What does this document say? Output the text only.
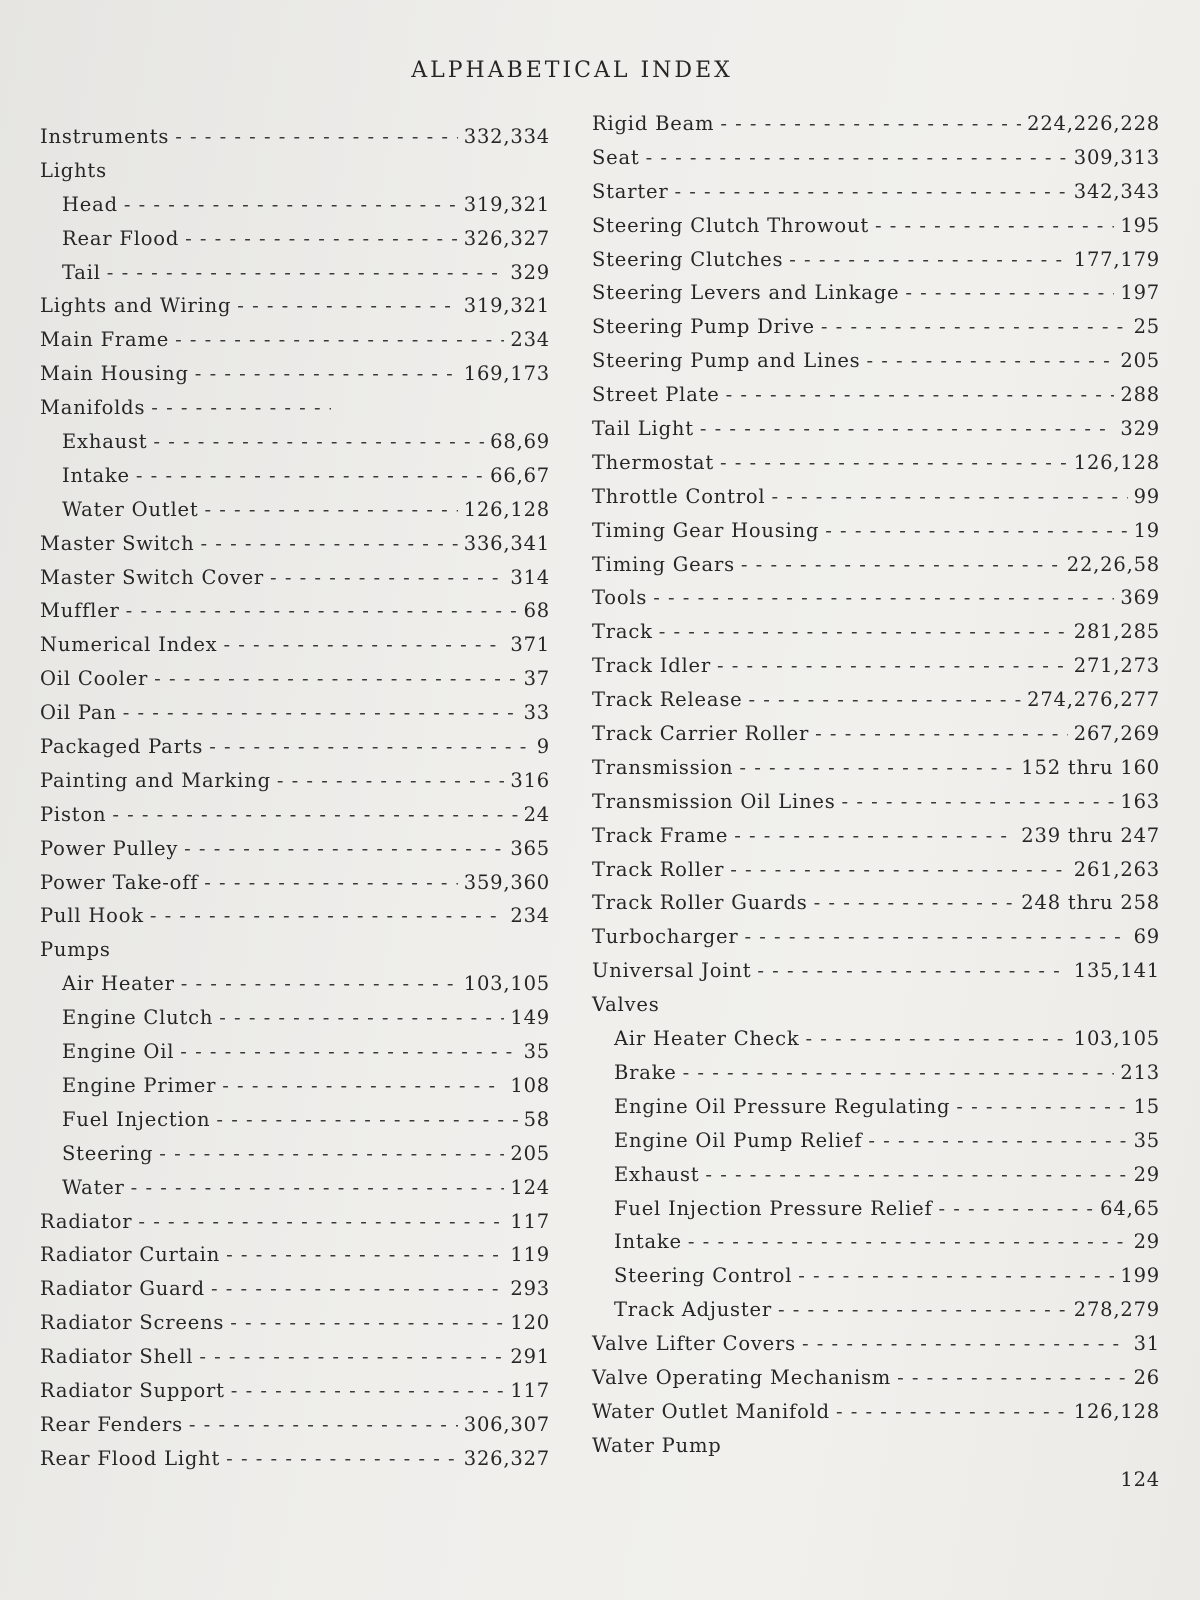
ALPHABETICAL INDEX
Instruments - - -	332,334
Lights
Head - - -	319,321
Rear Flood - - -	326,327
Tail - - -	329
Lights and Wiring - - -	319,321
Main Frame - - -	234
Main Housing - - -	169,173
Manifolds
- - -
Exhaust - - -	68,69
Intake - - -	66,67
Water Outlet - - -	126,128
Master Switch - - -	336,341
Master Switch Cover - - -	314
Muffler - - -	68
Numerical Index - - -	371
Oil Cooler - - -	37
Oil Pan - - -	33
Packaged Parts - - -	9
Painting and Marking - - -	316
Piston - - -	24
Power Pulley - - -	365
Power Take-off - - -	359,360
Pull Hook - - -	234
Pumps
Air Heater - - -	103,105
Engine Clutch - - -	149
Engine Oil - - -	35
Engine Primer - - -	108
Fuel Injection - - -	58
Steering - - -	205
Water - - -	124
Radiator - - -	117
Radiator Curtain - - -	119
Radiator Guard - - -	293
Radiator Screens - - -	120
Radiator Shell - - -	291
Radiator Support - - -	117
Rear Fenders - - -	306,307
Rear Flood Light - - -	326,327
Rigid Beam - - -	224,226,228
Seat - - -	309,313
Starter - - -	342,343
Steering Clutch Throwout - - -	195
Steering Clutches - - -	177,179
Steering Levers and Linkage - - -	197
Steering Pump Drive - - -	25
Steering Pump and Lines - - -	205
Street Plate - - -	288
Tail Light - - -	329
Thermostat - - -	126,128
Throttle Control - - -	99
Timing Gear Housing - - -	19
Timing Gears - - -	22,26,58
Tools - - -	369
Track - - -	281,285
Track Idler - - -	271,273
Track Release - - -	274,276,277
Track Carrier Roller - - -	267,269
Transmission - - -	152 thru 160
Transmission Oil Lines - - -	163
Track Frame - - -	239 thru 247
Track Roller - - -	261,263
Track Roller Guards - - -	248 thru 258
Turbocharger - - -	69
Universal Joint - - -	135,141
Valves
Air Heater Check - - -	103,105
Brake - - -	213
Engine Oil Pressure Regulating - - -	15
Engine Oil Pump Relief - - -	35
Exhaust - - -	29
Fuel Injection Pressure Relief - - -	64,65
Intake - - -	29
Steering Control - - -	199
Track Adjuster - - -	278,279
Valve Lifter Covers - - -	31
Valve Operating Mechanism - - -	26
Water Outlet Manifold - - -	126,128
Water Pump
124
